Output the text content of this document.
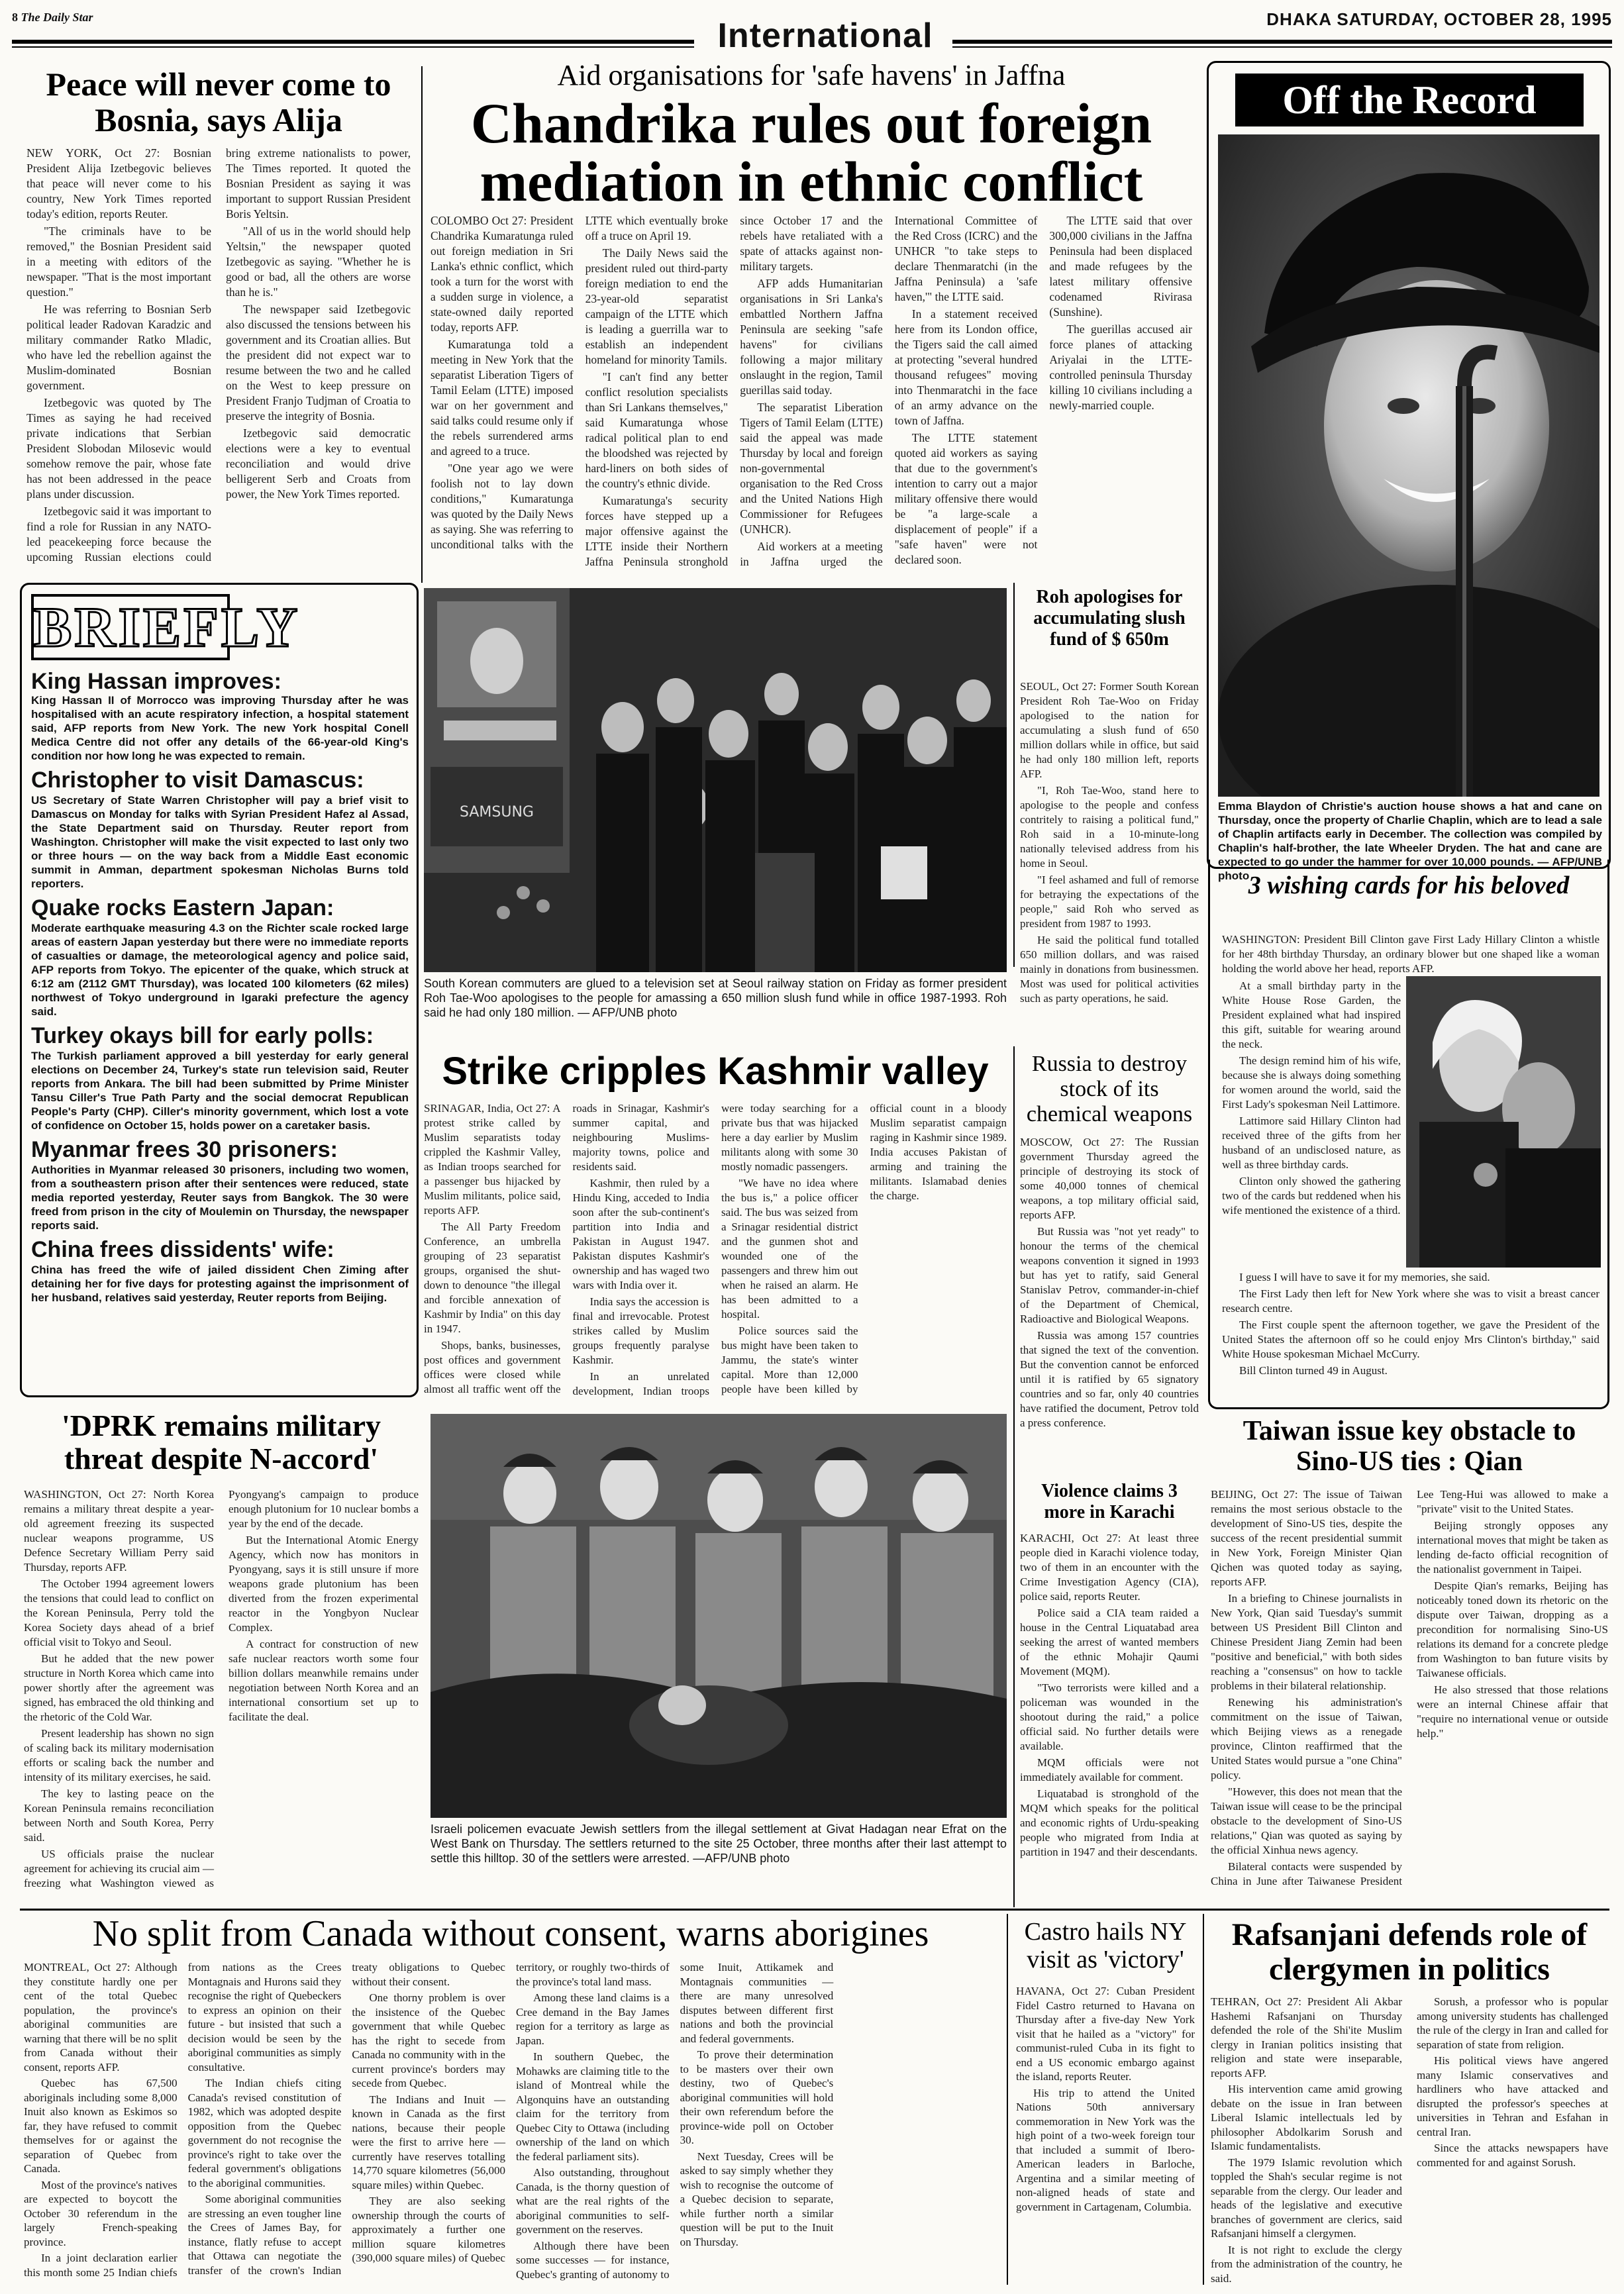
8 The Daily Star	International	DHAKA SATURDAY, OCTOBER 28, 1995
Peace will never come to Bosnia, says Alija

NEW YORK, Oct 27: Bosnian President Alija Izetbegovic believes that peace will never come to his country, New York Times reported today's edition, reports Reuter.

"The criminals have to be removed," the Bosnian President said in a meeting with editors of the newspaper. "That is the most important question."

He was referring to Bosnian Serb political leader Radovan Karadzic and military commander Ratko Mladic, who have led the rebellion against the Muslim-dominated Bosnian government.

Izetbegovic was quoted by The Times as saying he had received private indications that Serbian President Slobodan Milosevic would somehow remove the pair, whose fate has not been addressed in the peace plans under discussion.

Izetbegovic said it was important to find a role for Russian in any NATO-led peacekeeping force because the upcoming Russian elections could bring extreme nationalists to power, The Times reported. It quoted the Bosnian President as saying it was important to support Russian President Boris Yeltsin.

"All of us in the world should help Yeltsin," the newspaper quoted Izetbegovic as saying. "Whether he is good or bad, all the others are worse than he is."

The newspaper said Izetbegovic also discussed the tensions between his government and its Croatian allies. But the president did not expect war to resume between the two and he called on the West to keep pressure on President Franjo Tudjman of Croatia to preserve the integrity of Bosnia.

Izetbegovic said democratic elections were a key to eventual reconciliation and would drive belligerent Serb and Croats from power, the New York Times reported.

Aid organisations for 'safe havens' in Jaffna
Chandrika rules out foreign mediation in ethnic conflict

COLOMBO Oct 27: President Chandrika Kumaratunga ruled out foreign mediation in Sri Lanka's ethnic conflict, which took a turn for the worst with a sudden surge in violence, a state-owned daily reported today, reports AFP.

Kumaratunga told a meeting in New York that the separatist Liberation Tigers of Tamil Eelam (LTTE) imposed war on her government and said talks could resume only if the rebels surrendered arms and agreed to a truce.

"One year ago we were foolish not to lay down conditions," Kumaratunga was quoted by the Daily News as saying. She was referring to unconditional talks with the LTTE which eventually broke off a truce on April 19.

The Daily News said the president ruled out third-party foreign mediation to end the 23-year-old separatist campaign of the LTTE which is leading a guerrilla war to establish an independent homeland for minority Tamils.

"I can't find any better conflict resolution specialists than Sri Lankans themselves," said Kumaratunga whose radical political plan to end the bloodshed was rejected by hard-liners on both sides of the country's ethnic divide.

Kumaratunga's security forces have stepped up a major offensive against the LTTE inside their Northern Jaffna Peninsula stronghold since October 17 and the rebels have retaliated with a spate of attacks against non-military targets.

AFP adds Humanitarian organisations in Sri Lanka's embattled Northern Jaffna Peninsula are seeking "safe havens" for civilians following a major military onslaught in the region, Tamil guerillas said today.

The separatist Liberation Tigers of Tamil Eelam (LTTE) said the appeal was made Thursday by local and foreign non-governmental organisation to the Red Cross and the United Nations High Commissioner for Refugees (UNHCR).

Aid workers at a meeting in Jaffna urged the International Committee of the Red Cross (ICRC) and the UNHCR "to take steps to declare Thenmaratchi (in the Jaffna Peninsula) a 'safe haven,'" the LTTE said.

In a statement received here from its London office, the Tigers said the call aimed at protecting "several hundred thousand refugees" moving into Thenmaratchi in the face of an army advance on the town of Jaffna.

The LTTE statement quoted aid workers as saying that due to the government's intention to carry out a major military offensive there would be "a large-scale a displacement of people" if a "safe haven" were not declared soon.

The LTTE said that over 300,000 civilians in the Jaffna Peninsula had been displaced and made refugees by the latest military offensive codenamed Rivirasa (Sunshine).

The guerillas accused air force planes of attacking Ariyalai in the LTTE-controlled peninsula Thursday killing 10 civilians including a newly-married couple.

Off the Record
Emma Blaydon of Christie's auction house shows a hat and cane on Thursday, once the property of Charlie Chaplin, which are to lead a sale of Chaplin artifacts early in December. The collection was compiled by Chaplin's half-brother, the late Wheeler Dryden. The hat and cane are expected to go under the hammer for over 10,000 pounds. — AFP/UNB photo
BRIEFLY
King Hassan improves:

King Hassan II of Morrocco was improving Thursday after he was hospitalised with an acute respiratory infection, a hospital statement said, AFP reports from New York. The new York hospital Conell Medica Centre did not offer any details of the 66-year-old King's condition nor how long he was expected to remain.

Christopher to visit Damascus:

US Secretary of State Warren Christopher will pay a brief visit to Damascus on Monday for talks with Syrian President Hafez al Assad, the State Department said on Thursday. Reuter report from Washington. Christopher will make the visit expected to last only two or three hours — on the way back from a Middle East economic summit in Amman, department spokesman Nicholas Burns told reporters.

Quake rocks Eastern Japan:

Moderate earthquake measuring 4.3 on the Richter scale rocked large areas of eastern Japan yesterday but there were no immediate reports of casualties or damage, the meteorological agency and police said, AFP reports from Tokyo. The epicenter of the quake, which struck at 6:12 am (2112 GMT Thursday), was located 100 kilometers (62 miles) northwest of Tokyo underground in Igaraki prefecture the agency said.

Turkey okays bill for early polls:

The Turkish parliament approved a bill yesterday for early general elections on December 24, Turkey's state run television said, Reuter reports from Ankara. The bill had been submitted by Prime Minister Tansu Ciller's True Path Party and the social democrat Republican People's Party (CHP). Ciller's minority government, which lost a vote of confidence on October 15, holds power on a caretaker basis.

Myanmar frees 30 prisoners:

Authorities in Myanmar released 30 prisoners, including two women, from a southeastern prison after their sentences were reduced, state media reported yesterday, Reuter says from Bangkok. The 30 were freed from prison in the city of Moulemin on Thursday, the newspaper reports said.

China frees dissidents' wife:

China has freed the wife of jailed dissident Chen Ziming after detaining her for five days for protesting against the imprisonment of her husband, relatives said yesterday, Reuter reports from Beijing.

SAMSUNG
South Korean commuters are glued to a television set at Seoul railway station on Friday as former president Roh Tae-Woo apologises to the people for amassing a 650 million slush fund while in office 1987-1993. Roh said he had only 180 million. — AFP/UNB photo
Roh apologises for accumulating slush fund of $ 650m

SEOUL, Oct 27: Former South Korean President Roh Tae-Woo on Friday apologised to the nation for accumulating a slush fund of 650 million dollars while in office, but said he had only 180 million left, reports AFP.

"I, Roh Tae-Woo, stand here to apologise to the people and confess contritely to raising a political fund," Roh said in a 10-minute-long nationally televised address from his home in Seoul.

"I feel ashamed and full of remorse for betraying the expectations of the people," said Roh who served as president from 1987 to 1993.

He said the political fund totalled 650 million dollars, and was raised mainly in donations from businessmen. Most was used for political activities such as party operations, he said.

3 wishing cards for his beloved

WASHINGTON: President Bill Clinton gave First Lady Hillary Clinton a whistle for her 48th birthday Thursday, an ordinary blower but one shaped like a woman holding the world above her head, reports AFP.

At a small birthday party in the White House Rose Garden, the President explained what had inspired this gift, suitable for wearing around the neck.

The design remind him of his wife, because she is always doing something for women around the world, said the First Lady's spokesman Neil Lattimore.

Lattimore said Hillary Clinton had received three of the gifts from her husband of an undisclosed nature, as well as three birthday cards.

Clinton only showed the gathering two of the cards but reddened when his wife mentioned the existence of a third.

I guess I will have to save it for my memories, she said.

The First Lady then left for New York where she was to visit a breast cancer research centre.

The First couple spent the afternoon together, we gave the President of the United States the afternoon off so he could enjoy Mrs Clinton's birthday," said White House spokesman Michael McCurry.

Bill Clinton turned 49 in August.

Strike cripples Kashmir valley

SRINAGAR, India, Oct 27: A protest strike called by Muslim separatists today crippled the Kashmir Valley, as Indian troops searched for a passenger bus hijacked by Muslim militants, police said, reports AFP.

The All Party Freedom Conference, an umbrella grouping of 23 separatist groups, organised the shut-down to denounce "the illegal and forcible annexation of Kashmir by India" on this day in 1947.

Shops, banks, businesses, post offices and government offices were closed while almost all traffic went off the roads in Srinagar, Kashmir's summer capital, and neighbouring Muslims-majority towns, police and residents said.

Kashmir, then ruled by a Hindu King, acceded to India soon after the sub-continent's partition into India and Pakistan in August 1947. Pakistan disputes Kashmir's ownership and has waged two wars with India over it.

India says the accession is final and irrevocable. Protest strikes called by Muslim groups frequently paralyse Kashmir.

In an unrelated development, Indian troops were today searching for a private bus that was hijacked here a day earlier by Muslim militants along with some 30 mostly nomadic passengers.

"We have no idea where the bus is," a police officer said. The bus was seized from a Srinagar residential district and the gunmen shot and wounded one of the passengers and threw him out when he raised an alarm. He has been admitted to a hospital.

Police sources said the bus might have been taken to Jammu, the state's winter capital. More than 12,000 people have been killed by official count in a bloody Muslim separatist campaign raging in Kashmir since 1989. India accuses Pakistan of arming and training the militants. Islamabad denies the charge.

Russia to destroy stock of its chemical weapons

MOSCOW, Oct 27: The Russian government Thursday agreed the principle of destroying its stock of some 40,000 tonnes of chemical weapons, a top military official said, reports AFP.

But Russia was "not yet ready" to honour the terms of the chemical weapons convention it signed in 1993 but has yet to ratify, said General Stanislav Petrov, commander-in-chief of the Department of Chemical, Radioactive and Biological Weapons.

Russia was among 157 countries that signed the text of the convention. But the convention cannot be enforced until it is ratified by 65 signatory countries and so far, only 40 countries have ratified the document, Petrov told a press conference.

'DPRK remains military threat despite N-accord'

WASHINGTON, Oct 27: North Korea remains a military threat despite a year-old agreement freezing its suspected nuclear weapons programme, US Defence Secretary William Perry said Thursday, reports AFP.

The October 1994 agreement lowers the tensions that could lead to conflict on the Korean Peninsula, Perry told the Korea Society days ahead of a brief official visit to Tokyo and Seoul.

But he added that the new power structure in North Korea which came into power shortly after the agreement was signed, has embraced the old thinking and the rhetoric of the Cold War.

Present leadership has shown no sign of scaling back its military modernisation efforts or scaling back the number and intensity of its military exercises, he said.

The key to lasting peace on the Korean Peninsula remains reconciliation between North and South Korea, Perry said.

US officials praise the nuclear agreement for achieving its crucial aim — freezing what Washington viewed as Pyongyang's campaign to produce enough plutonium for 10 nuclear bombs a year by the end of the decade.

But the International Atomic Energy Agency, which now has monitors in Pyongyang, says it is still unsure if more weapons grade plutonium has been diverted from the frozen experimental reactor in the Yongbyon Nuclear Complex.

A contract for construction of new safe nuclear reactors worth some four billion dollars meanwhile remains under negotiation between North Korea and an international consortium set up to facilitate the deal.

Israeli policemen evacuate Jewish settlers from the illegal settlement at Givat Hadagan near Efrat on the West Bank on Thursday. The settlers returned to the site 25 October, three months after their last attempt to settle this hilltop. 30 of the settlers were arrested. —AFP/UNB photo
Violence claims 3 more in Karachi

KARACHI, Oct 27: At least three people died in Karachi violence today, two of them in an encounter with the Crime Investigation Agency (CIA), police said, reports Reuter.

Police said a CIA team raided a house in the Central Liquatabad area seeking the arrest of wanted members of the ethnic Mohajir Qaumi Movement (MQM).

"Two terrorists were killed and a policeman was wounded in the shootout during the raid," a police official said. No further details were available.

MQM officials were not immediately available for comment.

Liquatabad is stronghold of the MQM which speaks for the political and economic rights of Urdu-speaking people who migrated from India at partition in 1947 and their descendants.

Taiwan issue key obstacle to Sino-US ties : Qian

BEIJING, Oct 27: The issue of Taiwan remains the most serious obstacle to the development of Sino-US ties, despite the success of the recent presidential summit in New York, Foreign Minister Qian Qichen was quoted today as saying, reports AFP.

In a briefing to Chinese journalists in New York, Qian said Tuesday's summit between US President Bill Clinton and Chinese President Jiang Zemin had been "positive and beneficial," with both sides reaching a "consensus" on how to tackle problems in their bilateral relationship.

Renewing his administration's commitment on the issue of Taiwan, which Beijing views as a renegade province, Clinton reaffirmed that the United States would pursue a "one China" policy.

"However, this does not mean that the Taiwan issue will cease to be the principal obstacle to the development of Sino-US relations," Qian was quoted as saying by the official Xinhua news agency.

Bilateral contacts were suspended by China in June after Taiwanese President Lee Teng-Hui was allowed to make a "private" visit to the United States.

Beijing strongly opposes any international moves that might be taken as lending de-facto official recognition of the nationalist government in Taipei.

Despite Qian's remarks, Beijing has noticeably toned down its rhetoric on the dispute over Taiwan, dropping as a precondition for normalising Sino-US relations its demand for a concrete pledge from Washington to ban future visits by Taiwanese officials.

He also stressed that those relations were an internal Chinese affair that "require no international venue or outside help."

No split from Canada without consent, warns aborigines

MONTREAL, Oct 27: Although they constitute hardly one per cent of the total Quebec population, the province's aboriginal communities are warning that there will be no split from Canada without their consent, reports AFP.

Quebec has 67,500 aboriginals including some 8,000 Inuit also known as Eskimos so far, they have refused to commit themselves for or against the separation of Quebec from Canada.

Most of the province's natives are expected to boycott the October 30 referendum in the largely French-speaking province.

In a joint declaration earlier this month some 25 Indian chiefs from nations as the Crees Montagnais and Hurons said they recognise the right of Quebeckers to express an opinion on their future - but insisted that such a decision would be seen by the aboriginal communities as simply consultative.

The Indian chiefs citing Canada's revised constitution of 1982, which was adopted despite opposition from the Quebec government do not recognise the province's right to take over the federal government's obligations to the aboriginal communities.

Some aboriginal communities are stressing an even tougher line the Crees of James Bay, for instance, flatly refuse to accept that Ottawa can negotiate the transfer of the crown's Indian treaty obligations to Quebec without their consent.

One thorny problem is over the insistence of the Quebec government that while Quebec has the right to secede from Canada no community with in the current province's borders may secede from Quebec.

The Indians and Inuit — known in Canada as the first nations, because their people were the first to arrive here — currently have reserves totalling 14,770 square kilometres (56,000 square miles) within Quebec.

They are also seeking ownership through the courts of approximately a further one million square kilometres (390,000 square miles) of Quebec territory, or roughly two-thirds of the province's total land mass.

Among these land claims is a Cree demand in the Bay James region for a territory as large as Japan.

In southern Quebec, the Mohawks are claiming title to the island of Montreal while the Algonquins have an outstanding claim for the territory from Quebec City to Ottawa (including ownership of the land on which the federal parliament sits).

Also outstanding, throughout Canada, is the thorny question of what are the real rights of the aboriginal communities to self-government on the reserves.

Although there have been some successes — for instance, Quebec's granting of autonomy to some Inuit, Attikamek and Montagnais communities — there are many unresolved disputes between different first nations and both the provincial and federal governments.

To prove their determination to be masters over their own destiny, two of Quebec's aboriginal communities will hold their own referendum before the province-wide poll on October 30.

Next Tuesday, Crees will be asked to say simply whether they wish to recognise the outcome of a Quebec decision to separate, while further north a similar question will be put to the Inuit on Thursday.

Castro hails NY visit as 'victory'

HAVANA, Oct 27: Cuban President Fidel Castro returned to Havana on Thursday after a five-day New York visit that he hailed as a "victory" for communist-ruled Cuba in its fight to end a US economic embargo against the island, reports Reuter.

His trip to attend the United Nations 50th anniversary commemoration in New York was the high point of a two-week foreign tour that included a summit of Ibero-American leaders in Barloche, Argentina and a similar meeting of non-aligned heads of state and government in Cartagenam, Columbia.

Rafsanjani defends role of clergymen in politics

TEHRAN, Oct 27: President Ali Akbar Hashemi Rafsanjani on Thursday defended the role of the Shi'ite Muslim clergy in Iranian politics insisting that religion and state were inseparable, reports AFP.

His intervention came amid growing debate on the issue in Iran between Liberal Islamic intellectuals led by philosopher Abdolkarim Sorush and Islamic fundamentalists.

The 1979 Islamic revolution which toppled the Shah's secular regime is not separable from the clergy. Our leader and heads of the legislative and executive branches of government are clerics, said Rafsanjani himself a clergymen.

It is not right to exclude the clergy from the administration of the country, he said.

Sorush, a professor who is popular among university students has challenged the rule of the clergy in Iran and called for separation of state from religion.

His political views have angered many Islamic conservatives and hardliners who have attacked and disrupted the professor's speeches at universities in Tehran and Esfahan in central Iran.

Since the attacks newspapers have commented for and against Sorush.
